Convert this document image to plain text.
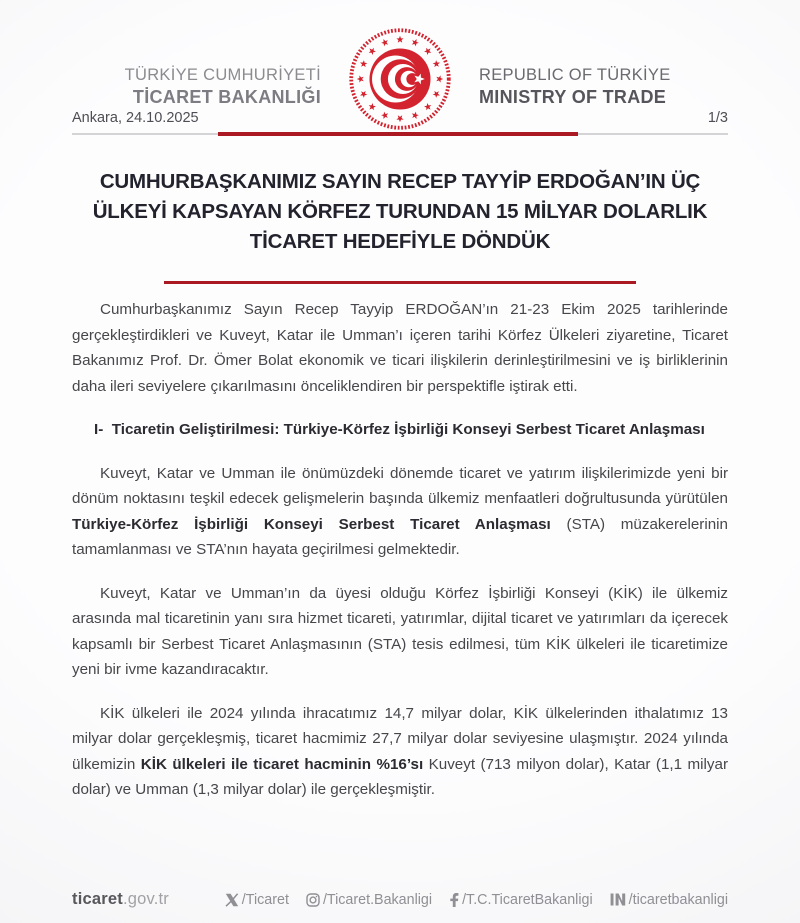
TÜRKİYE CUMHURİYETİ
TİCARET BAKANLIĞI
REPUBLIC OF TÜRKİYE
MINISTRY OF TRADE
Ankara, 24.10.2025	1/3
CUMHURBAŞKANIMIZ SAYIN RECEP TAYYİP ERDOĞAN’IN ÜÇ
ÜLKEYİ KAPSAYAN KÖRFEZ TURUNDAN 15 MİLYAR DOLARLIK
TİCARET HEDEFİYLE DÖNDÜK

Cumhurbaşkanımız Sayın Recep Tayyip ERDOĞAN’ın 21-23 Ekim 2025 tarihlerinde gerçekleştirdikleri ve Kuveyt, Katar ile Umman’ı içeren tarihi Körfez Ülkeleri ziyaretine, Ticaret Bakanımız Prof. Dr. Ömer Bolat ekonomik ve ticari ilişkilerin derinleştirilmesini ve iş birliklerinin daha ileri seviyelere çıkarılmasını önceliklendiren bir perspektifle iştirak etti.

I-  Ticaretin Geliştirilmesi: Türkiye-Körfez İşbirliği Konseyi Serbest Ticaret Anlaşması

Kuveyt, Katar ve Umman ile önümüzdeki dönemde ticaret ve yatırım ilişkilerimizde yeni bir dönüm noktasını teşkil edecek gelişmelerin başında ülkemiz menfaatleri doğrultusunda yürütülen Türkiye-Körfez İşbirliği Konseyi Serbest Ticaret Anlaşması (STA) müzakerelerinin tamamlanması ve STA’nın hayata geçirilmesi gelmektedir.

Kuveyt, Katar ve Umman’ın da üyesi olduğu Körfez İşbirliği Konseyi (KİK) ile ülkemiz arasında mal ticaretinin yanı sıra hizmet ticareti, yatırımlar, dijital ticaret ve yatırımları da içerecek kapsamlı bir Serbest Ticaret Anlaşmasının (STA) tesis edilmesi, tüm KİK ülkeleri ile ticaretimize yeni bir ivme kazandıracaktır.

KİK ülkeleri ile 2024 yılında ihracatımız 14,7 milyar dolar, KİK ülkelerinden ithalatımız 13 milyar dolar gerçekleşmiş, ticaret hacmimiz 27,7 milyar dolar seviyesine ulaşmıştır. 2024 yılında ülkemizin KİK ülkeleri ile ticaret hacminin %16’sı Kuveyt (713 milyon dolar), Katar (1,1 milyar dolar) ve Umman (1,3 milyar dolar) ile gerçekleşmiştir.

ticaret.gov.tr	/Ticaret /Ticaret.Bakanligi /T.C.TicaretBakanligi	/ticaretbakanligi
